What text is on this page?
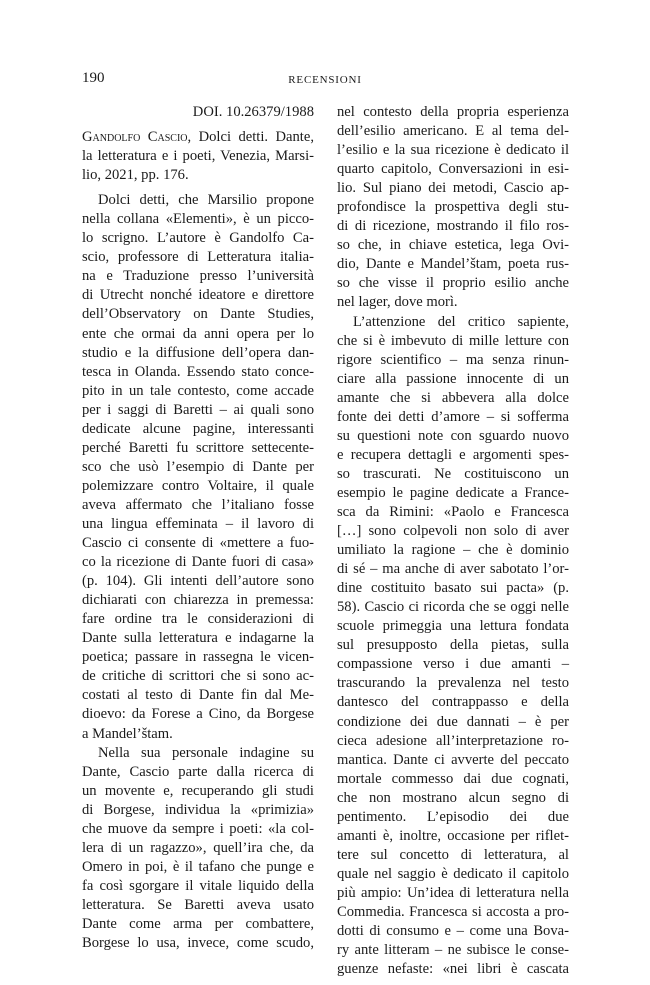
190	RECENSIONI
DOI. 10.26379/1988
Gandolfo Cascio, Dolci detti. Dante,
la letteratura e i poeti, Venezia, Marsi-
lio, 2021, pp. 176.
Dolci detti, che Marsilio propone
nella collana «Elementi», è un picco-
lo scrigno. L’autore è Gandolfo Ca-
scio, professore di Letteratura italia-
na e Traduzione presso l’università
di Utrecht nonché ideatore e direttore
dell’Observatory on Dante Studies,
ente che ormai da anni opera per lo
studio e la diffusione dell’opera dan-
tesca in Olanda. Essendo stato conce-
pito in un tale contesto, come accade
per i saggi di Baretti – ai quali sono
dedicate alcune pagine, interessanti
perché Baretti fu scrittore settecente-
sco che usò l’esempio di Dante per
polemizzare contro Voltaire, il quale
aveva affermato che l’italiano fosse
una lingua effeminata – il lavoro di
Cascio ci consente di «mettere a fuo-
co la ricezione di Dante fuori di casa»
(p. 104). Gli intenti dell’autore sono
dichiarati con chiarezza in premessa:
fare ordine tra le considerazioni di
Dante sulla letteratura e indagarne la
poetica; passare in rassegna le vicen-
de critiche di scrittori che si sono ac-
costati al testo di Dante fin dal Me-
dioevo: da Forese a Cino, da Borgese
a Mandel’štam.
Nella sua personale indagine su
Dante, Cascio parte dalla ricerca di
un movente e, recuperando gli studi
di Borgese, individua la «primizia»
che muove da sempre i poeti: «la col-
lera di un ragazzo», quell’ira che, da
Omero in poi, è il tafano che punge e
fa così sgorgare il vitale liquido della
letteratura. Se Baretti aveva usato
Dante come arma per combattere,
Borgese lo usa, invece, come scudo,
nel contesto della propria esperienza
dell’esilio americano. E al tema del-
l’esilio e la sua ricezione è dedicato il
quarto capitolo, Conversazioni in esi-
lio. Sul piano dei metodi, Cascio ap-
profondisce la prospettiva degli stu-
di di ricezione, mostrando il filo ros-
so che, in chiave estetica, lega Ovi-
dio, Dante e Mandel’štam, poeta rus-
so che visse il proprio esilio anche
nel lager, dove morì.
L’attenzione del critico sapiente,
che si è imbevuto di mille letture con
rigore scientifico – ma senza rinun-
ciare alla passione innocente di un
amante che si abbevera alla dolce
fonte dei detti d’amore – si sofferma
su questioni note con sguardo nuovo
e recupera dettagli e argomenti spes-
so trascurati. Ne costituiscono un
esempio le pagine dedicate a France-
sca da Rimini: «Paolo e Francesca
[…] sono colpevoli non solo di aver
umiliato la ragione – che è dominio
di sé – ma anche di aver sabotato l’or-
dine costituito basato sui pacta» (p.
58). Cascio ci ricorda che se oggi nelle
scuole primeggia una lettura fondata
sul presupposto della pietas, sulla
compassione verso i due amanti –
trascurando la prevalenza nel testo
dantesco del contrappasso e della
condizione dei due dannati – è per
cieca adesione all’interpretazione ro-
mantica. Dante ci avverte del peccato
mortale commesso dai due cognati,
che non mostrano alcun segno di
pentimento. L’episodio dei due
amanti è, inoltre, occasione per riflet-
tere sul concetto di letteratura, al
quale nel saggio è dedicato il capitolo
più ampio: Un’idea di letteratura nella
Commedia. Francesca si accosta a pro-
dotti di consumo e – come una Bova-
ry ante litteram – ne subisce le conse-
guenze nefaste: «nei libri è cascata
